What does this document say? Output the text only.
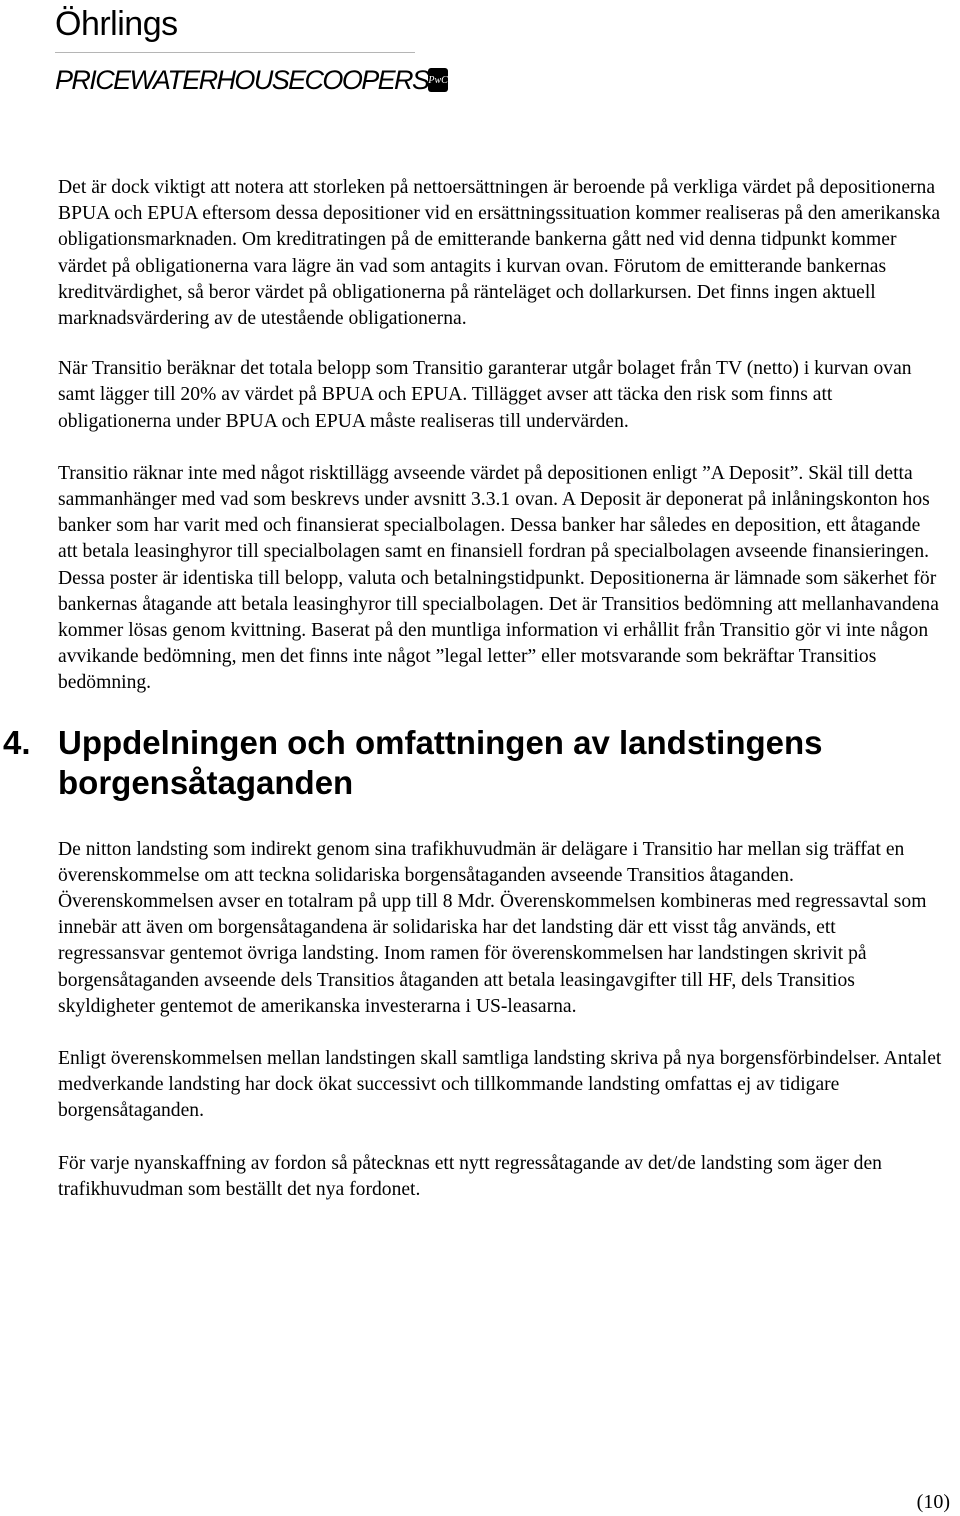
Öhrlings
PRICEWATERHOUSECOOPERS PwC

Det är dock viktigt att notera att storleken på nettoersättningen är beroende på verkliga värdet på depositionerna BPUA och EPUA eftersom dessa depositioner vid en ersättningssituation kommer realiseras på den amerikanska obligationsmarknaden. Om kreditratingen på de emitterande bankerna gått ned vid denna tidpunkt kommer värdet på obligationerna vara lägre än vad som antagits i kurvan ovan. Förutom de emitterande bankernas kreditvärdighet, så beror värdet på obligationerna på ränteläget och dollarkursen. Det finns ingen aktuell marknadsvärdering av de utestående obligationerna.

När Transitio beräknar det totala belopp som Transitio garanterar utgår bolaget från TV (netto) i kurvan ovan samt lägger till 20% av värdet på BPUA och EPUA. Tillägget avser att täcka den risk som finns att obligationerna under BPUA och EPUA måste realiseras till undervärden.

Transitio räknar inte med något risktillägg avseende värdet på depositionen enligt ”A Deposit”. Skäl till detta sammanhänger med vad som beskrevs under avsnitt 3.3.1 ovan. A Deposit är deponerat på inlåningskonton hos banker som har varit med och finansierat specialbolagen. Dessa banker har således en deposition, ett åtagande att betala leasinghyror till specialbolagen samt en finansiell fordran på specialbolagen avseende finansieringen. Dessa poster är identiska till belopp, valuta och betalningstidpunkt. Depositionerna är lämnade som säkerhet för bankernas åtagande att betala leasinghyror till specialbolagen. Det är Transitios bedömning att mellanhavandena kommer lösas genom kvittning. Baserat på den muntliga information vi erhållit från Transitio gör vi inte någon avvikande bedömning, men det finns inte något ”legal letter” eller motsvarande som bekräftar Transitios bedömning.

4. Uppdelningen och omfattningen av landstingens borgensåtaganden

De nitton landsting som indirekt genom sina trafikhuvudmän är delägare i Transitio har mellan sig träffat en överenskommelse om att teckna solidariska borgensåtaganden avseende Transitios åtaganden. Överenskommelsen avser en totalram på upp till 8 Mdr. Överenskommelsen kombineras med regressavtal som innebär att även om borgensåtagandena är solidariska har det landsting där ett visst tåg används, ett regressansvar gentemot övriga landsting. Inom ramen för överenskommelsen har landstingen skrivit på borgensåtaganden avseende dels Transitios åtaganden att betala leasingavgifter till HF, dels Transitios skyldigheter gentemot de amerikanska investerarna i US-leasarna.

Enligt överenskommelsen mellan landstingen skall samtliga landsting skriva på nya borgensförbindelser. Antalet medverkande landsting har dock ökat successivt och tillkommande landsting omfattas ej av tidigare borgensåtaganden.

För varje nyanskaffning av fordon så påtecknas ett nytt regressåtagande av det/de landsting som äger den trafikhuvudman som beställt det nya fordonet.

(10)
